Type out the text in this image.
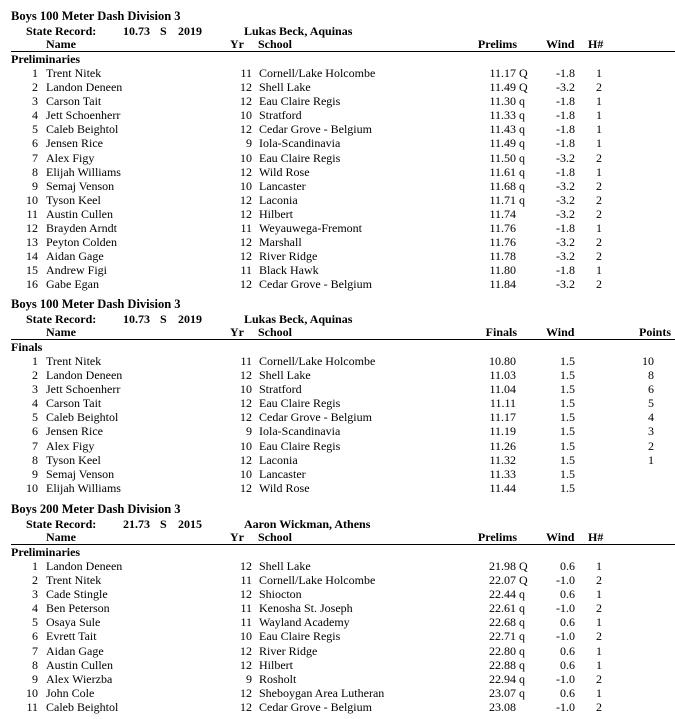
Boys 100 Meter Dash Division 3
State Record: 10.73 S 2019	Lukas Beck, Aquinas
Name	Yr School	Prelims Wind H#
Preliminaries
1 Trent Nitek	11 Cornell/Lake Holcombe	11.17 Q -1.8 1
2 Landon Deneen	12 Shell Lake	11.49 Q -3.2 2
3 Carson Tait	12 Eau Claire Regis	11.30 q	-1.8 1
4 Jett Schoenherr	10 Stratford	11.33 q	-1.8 1
5 Caleb Beightol	12 Cedar Grove - Belgium	11.43 q	-1.8 1
6 Jensen Rice	9 Iola-Scandinavia	11.49 q	-1.8 1
7 Alex Figy	10 Eau Claire Regis	11.50 q	-3.2 2
8 Elijah Williams	12 Wild Rose	11.61 q	-1.8 1
9 Semaj Venson	10 Lancaster	11.68 q	-3.2 2
10 Tyson Keel	12 Laconia	11.71 q	-3.2 2
11 Austin Cullen	12 Hilbert	11.74	-3.2 2
12 Brayden Arndt	11 Weyauwega-Fremont	11.76	-1.8 1
13 Peyton Colden	12 Marshall	11.76	-3.2 2
14 Aidan Gage	12 River Ridge	11.78	-3.2 2
15 Andrew Figi	11 Black Hawk	11.80	-1.8 1
16 Gabe Egan	12 Cedar Grove - Belgium	11.84	-3.2 2
Boys 100 Meter Dash Division 3
State Record: 10.73 S 2019	Lukas Beck, Aquinas
Name	Yr School	Finals Wind	Points
Finals
1 Trent Nitek	11 Cornell/Lake Holcombe	10.80	1.5	10
2 Landon Deneen	12 Shell Lake	11.03	1.5	8
3 Jett Schoenherr	10 Stratford	11.04	1.5	6
4 Carson Tait	12 Eau Claire Regis	11.11	1.5	5
5 Caleb Beightol	12 Cedar Grove - Belgium	11.17	1.5	4
6 Jensen Rice	9 Iola-Scandinavia	11.19	1.5	3
7 Alex Figy	10 Eau Claire Regis	11.26	1.5	2
8 Tyson Keel	12 Laconia	11.32	1.5	1
9 Semaj Venson	10 Lancaster	11.33	1.5
10 Elijah Williams	12 Wild Rose	11.44	1.5
Boys 200 Meter Dash Division 3
State Record: 21.73 S 2015	Aaron Wickman, Athens
Name	Yr School	Prelims Wind H#
Preliminaries
1 Landon Deneen	12 Shell Lake	21.98 Q	0.6 1
2 Trent Nitek	11 Cornell/Lake Holcombe	22.07 Q -1.0 2
3 Cade Stingle	12 Shiocton	22.44 q	0.6 1
4 Ben Peterson	11 Kenosha St. Joseph	22.61 q	-1.0 2
5 Osaya Sule	11 Wayland Academy	22.68 q	0.6 1
6 Evrett Tait	10 Eau Claire Regis	22.71 q	-1.0 2
7 Aidan Gage	12 River Ridge	22.80 q	0.6 1
8 Austin Cullen	12 Hilbert	22.88 q	0.6 1
9 Alex Wierzba	9 Rosholt	22.94 q	-1.0 2
10 John Cole	12 Sheboygan Area Lutheran	23.07 q	0.6 1
11 Caleb Beightol	12 Cedar Grove - Belgium	23.08	-1.0 2
